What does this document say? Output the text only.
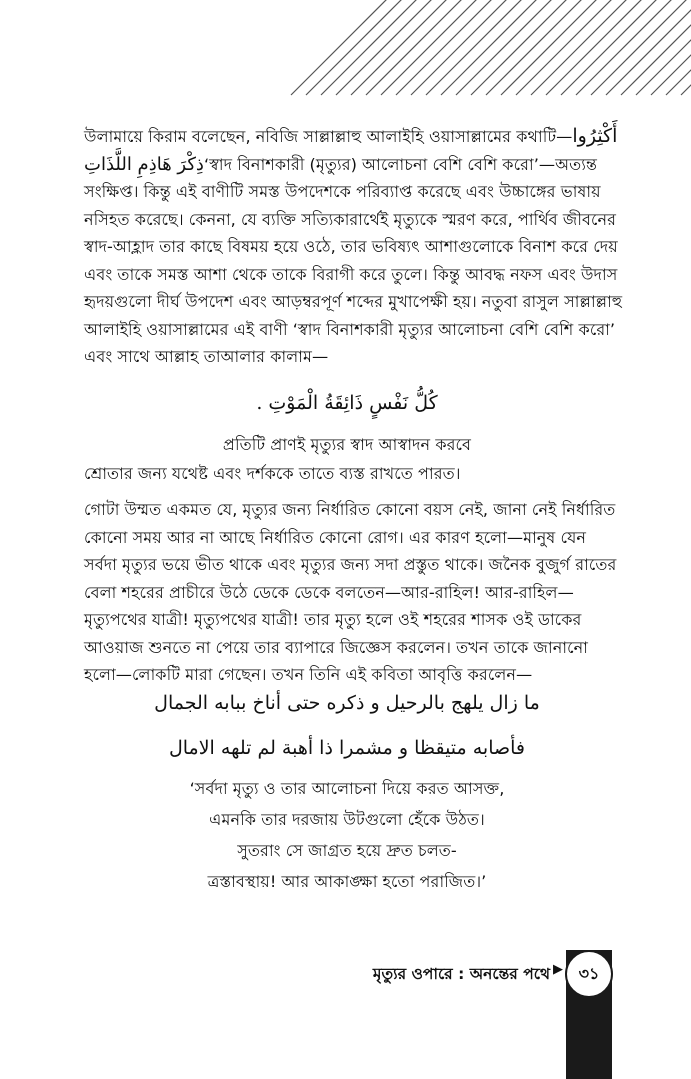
উলামায়ে কিরাম বলেছেন, নবিজি সাল্লাল্লাহু আলাইহি ওয়াসাল্লামের কথাটি— أَكْثِرُوا
ذِكْرَ هَاذِمِ اللَّذَاتِ ‘স্বাদ বিনাশকারী (মৃত্যুর) আলোচনা বেশি বেশি করো’—অত্যন্ত
সংক্ষিপ্ত। কিন্তু এই বাণীটি সমস্ত উপদেশকে পরিব্যাপ্ত করেছে এবং উচ্চাঙ্গের ভাষায়
নসিহত করেছে। কেননা, যে ব্যক্তি সত্যিকারার্থেই মৃত্যুকে স্মরণ করে, পার্থিব জীবনের
স্বাদ-আহ্লাদ তার কাছে বিষময় হয়ে ওঠে, তার ভবিষ্যৎ আশাগুলোকে বিনাশ করে দেয়
এবং তাকে সমস্ত আশা থেকে তাকে বিরাগী করে তুলে। কিন্তু আবদ্ধ নফস এবং উদাস
হৃদয়গুলো দীর্ঘ উপদেশ এবং আড়ম্বরপূর্ণ শব্দের মুখাপেক্ষী হয়। নতুবা রাসুল সাল্লাল্লাহু
আলাইহি ওয়াসাল্লামের এই বাণী ‘স্বাদ বিনাশকারী মৃত্যুর আলোচনা বেশি বেশি করো’
এবং সাথে আল্লাহ তাআলার কালাম—
كُلُّ نَفْسٍ ذَائِقَةُ الْمَوْتِ .
প্রতিটি প্রাণই মৃত্যুর স্বাদ আস্বাদন করবে
শ্রোতার জন্য যথেষ্ট এবং দর্শককে তাতে ব্যস্ত রাখতে পারত।
গোটা উম্মত একমত যে, মৃত্যুর জন্য নির্ধারিত কোনো বয়স নেই, জানা নেই নির্ধারিত
কোনো সময় আর না আছে নির্ধারিত কোনো রোগ। এর কারণ হলো—মানুষ যেন
সর্বদা মৃত্যুর ভয়ে ভীত থাকে এবং মৃত্যুর জন্য সদা প্রস্তুত থাকে। জনৈক বুজুর্গ রাতের
বেলা শহরের প্রাচীরে উঠে ডেকে ডেকে বলতেন—আর-রাহিল! আর-রাহিল—
মৃত্যুপথের যাত্রী! মৃত্যুপথের যাত্রী! তার মৃত্যু হলে ওই শহরের শাসক ওই ডাকের
আওয়াজ শুনতে না পেয়ে তার ব্যাপারে জিজ্ঞেস করলেন। তখন তাকে জানানো
হলো—লোকটি মারা গেছেন। তখন তিনি এই কবিতা আবৃত্তি করলেন—
ما زال يلهج بالرحيل و ذكره حتى أناخ ببابه الجمال
فأصابه متيقظا و مشمرا ذا أهبة لم تلهه الامال
‘সর্বদা মৃত্যু ও তার আলোচনা দিয়ে করত আসক্ত,
এমনকি তার দরজায় উটগুলো হেঁকে উঠত।
সুতরাং সে জাগ্রত হয়ে দ্রুত চলত-
ত্রস্তাবস্থায়! আর আকাঙ্ক্ষা হতো পরাজিত।’
মৃত্যুর ওপারে : অনন্তের পথে ▶ ৩১
